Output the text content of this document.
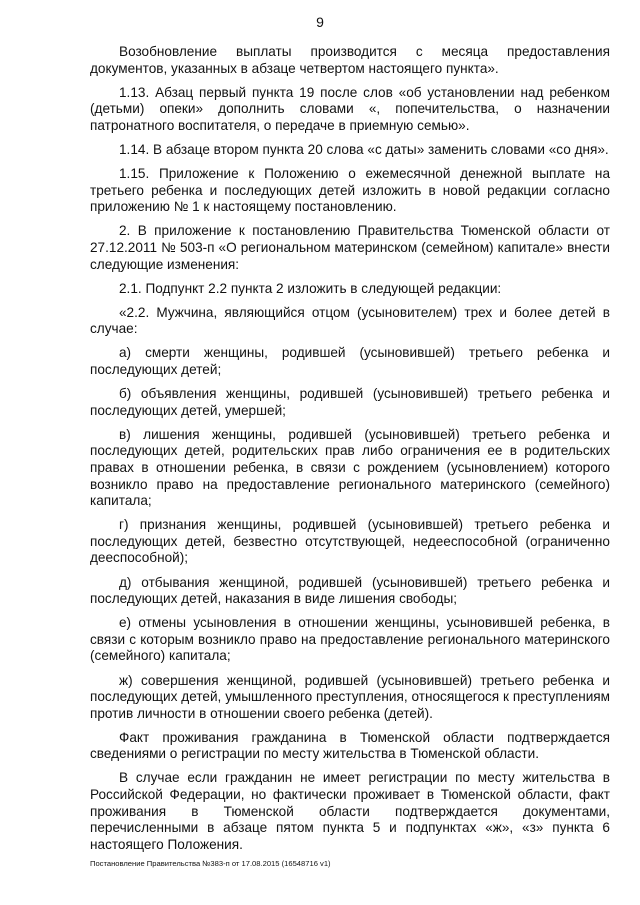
9

Возобновление выплаты производится с месяца предоставления документов, указанных в абзаце четвертом настоящего пункта».

1.13. Абзац первый пункта 19 после слов «об установлении над ребенком (детьми) опеки» дополнить словами «, попечительства, о назначении патронатного воспитателя, о передаче в приемную семью».

1.14. В абзаце втором пункта 20 слова «с даты» заменить словами «со дня».

1.15. Приложение к Положению о ежемесячной денежной выплате на третьего ребенка и последующих детей изложить в новой редакции согласно приложению № 1 к настоящему постановлению.

2. В приложение к постановлению Правительства Тюменской области от 27.12.2011 № 503-п «О региональном материнском (семейном) капитале» внести следующие изменения:

2.1. Подпункт 2.2 пункта 2 изложить в следующей редакции:

«2.2. Мужчина, являющийся отцом (усыновителем) трех и более детей в случае:

а) смерти женщины, родившей (усыновившей) третьего ребенка и последующих детей;

б) объявления женщины, родившей (усыновившей) третьего ребенка и последующих детей, умершей;

в) лишения женщины, родившей (усыновившей) третьего ребенка и последующих детей, родительских прав либо ограничения ее в родительских правах в отношении ребенка, в связи с рождением (усыновлением) которого возникло право на предоставление регионального материнского (семейного) капитала;

г) признания женщины, родившей (усыновившей) третьего ребенка и последующих детей, безвестно отсутствующей, недееспособной (ограниченно дееспособной);

д) отбывания женщиной, родившей (усыновившей) третьего ребенка и последующих детей, наказания в виде лишения свободы;

е) отмены усыновления в отношении женщины, усыновившей ребенка, в связи с которым возникло право на предоставление регионального материнского (семейного) капитала;

ж) совершения женщиной, родившей (усыновившей) третьего ребенка и последующих детей, умышленного преступления, относящегося к преступлениям против личности в отношении своего ребенка (детей).

Факт проживания гражданина в Тюменской области подтверждается сведениями о регистрации по месту жительства в Тюменской области.

В случае если гражданин не имеет регистрации по месту жительства в Российской Федерации, но фактически проживает в Тюменской области, факт проживания в Тюменской области подтверждается документами, перечисленными в абзаце пятом пункта 5 и подпунктах «ж», «з» пункта 6 настоящего Положения.

Постановление Правительства №383-п от 17.08.2015 (16548716 v1)
